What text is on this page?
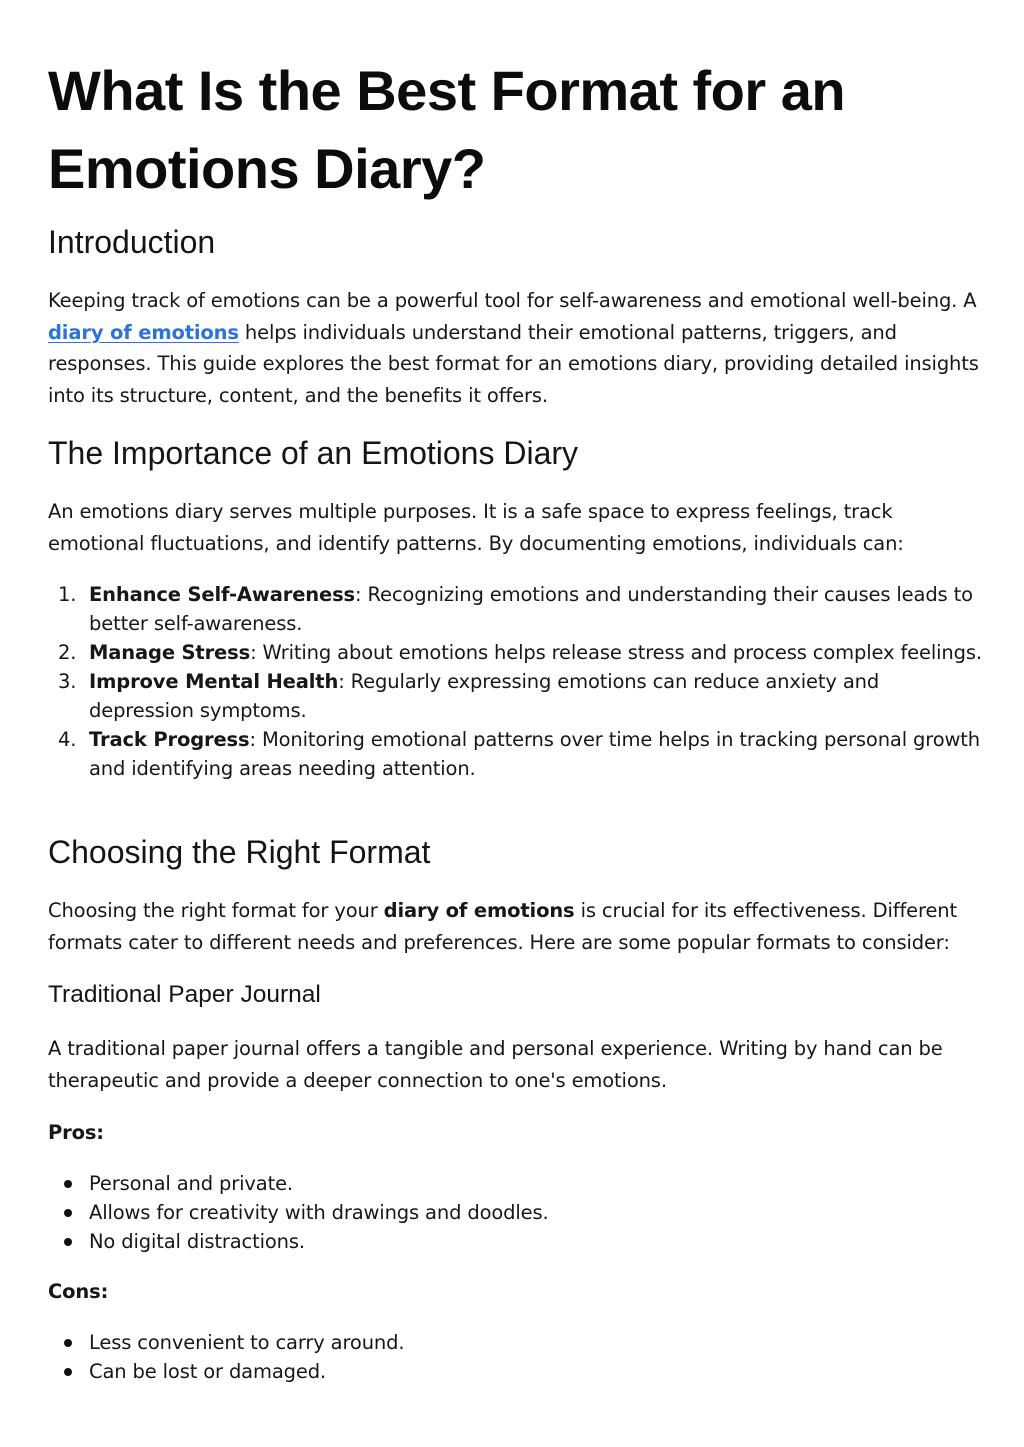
What Is the Best Format for an
Emotions Diary?
Introduction

Keeping track of emotions can be a powerful tool for self-awareness and emotional well-being. A diary of emotions helps individuals understand their emotional patterns, triggers, and responses. This guide explores the best format for an emotions diary, providing detailed insights into its structure, content, and the benefits it offers.

The Importance of an Emotions Diary

An emotions diary serves multiple purposes. It is a safe space to express feelings, track emotional fluctuations, and identify patterns. By documenting emotions, individuals can:

1. Enhance Self-Awareness: Recognizing emotions and understanding their causes leads to better self-awareness.
2. Manage Stress: Writing about emotions helps release stress and process complex feelings.
3. Improve Mental Health: Regularly expressing emotions can reduce anxiety and depression symptoms.
4. Track Progress: Monitoring emotional patterns over time helps in tracking personal growth and identifying areas needing attention.
Choosing the Right Format

Choosing the right format for your diary of emotions is crucial for its effectiveness. Different formats cater to different needs and preferences. Here are some popular formats to consider:

Traditional Paper Journal

A traditional paper journal offers a tangible and personal experience. Writing by hand can be therapeutic and provide a deeper connection to one's emotions.

Pros:
Personal and private.
Allows for creativity with drawings and doodles.
No digital distractions.
Cons:
Less convenient to carry around.
Can be lost or damaged.
